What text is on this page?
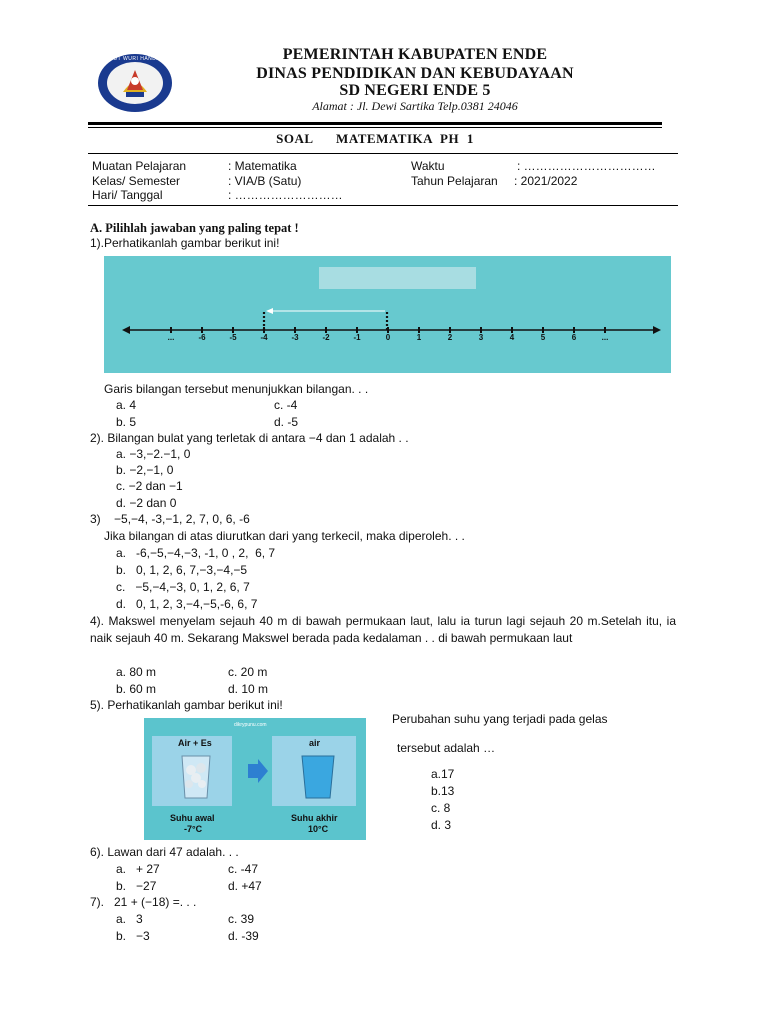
TUT WURI HANDAYANI	PEMERINTAH KABUPATEN ENDE
DINAS PENDIDIKAN DAN KEBUDAYAAN
SD NEGERI ENDE 5
Alamat : Jl. Dewi Sartika Telp.0381 24046
SOAL   MATEMATIKA PH 1
Muatan Pelajaran	: Matematika	Waktu	: ……………………………
Kelas/ Semester	: VIA/B (Satu)	Tahun Pelajaran : 2021/2022
Hari/ Tanggal	: ………………………
A. Pilihlah jawaban yang paling tepat !
1).Perhatikanlah gambar berikut ini!
...	-6	-5	-4	-3	-2	-1	0	1	2	3	4	5	6	...
Garis bilangan tersebut menunjukkan bilangan. . .
a. 4	c. -4
b. 5	d. -5
2). Bilangan bulat yang terletak di antara −4 dan 1 adalah . .
a. −3,−2.−1, 0
b. −2,−1, 0
c. −2 dan −1
d. −2 dan 0
3)    −5,−4, -3,−1, 2, 7, 0, 6, -6
Jika bilangan di atas diurutkan dari yang terkecil, maka diperoleh. . .
a.   -6,−5,−4,−3, -1, 0 , 2,  6, 7
b.   0, 1, 2, 6, 7,−3,−4,−5
c.   −5,−4,−3, 0, 1, 2, 6, 7
d.   0, 1, 2, 3,−4,−5,-6, 6, 7
4). Makswel menyelam sejauh 40 m di bawah permukaan laut, lalu ia turun lagi sejauh 20 m.Setelah itu, ia naik sejauh 40 m. Sekarang Makswel berada pada kedalaman . . di bawah permukaan laut
a. 80 m	c. 20 m
b. 60 m	d. 10 m
5). Perhatikanlah gambar berikut ini!
dikrypunu.com
Air + Es	air
Suhu awal
-7°C
Suhu akhir
10°C
Perubahan suhu yang terjadi pada gelas
tersebut adalah …
a.17
b.13
c. 8
d. 3
6). Lawan dari 47 adalah. . .
a.   + 27	c. -47
b.   −27	d. +47
7).   21 + (−18) =. . .
a.   3	c. 39
b.   −3	d. -39
